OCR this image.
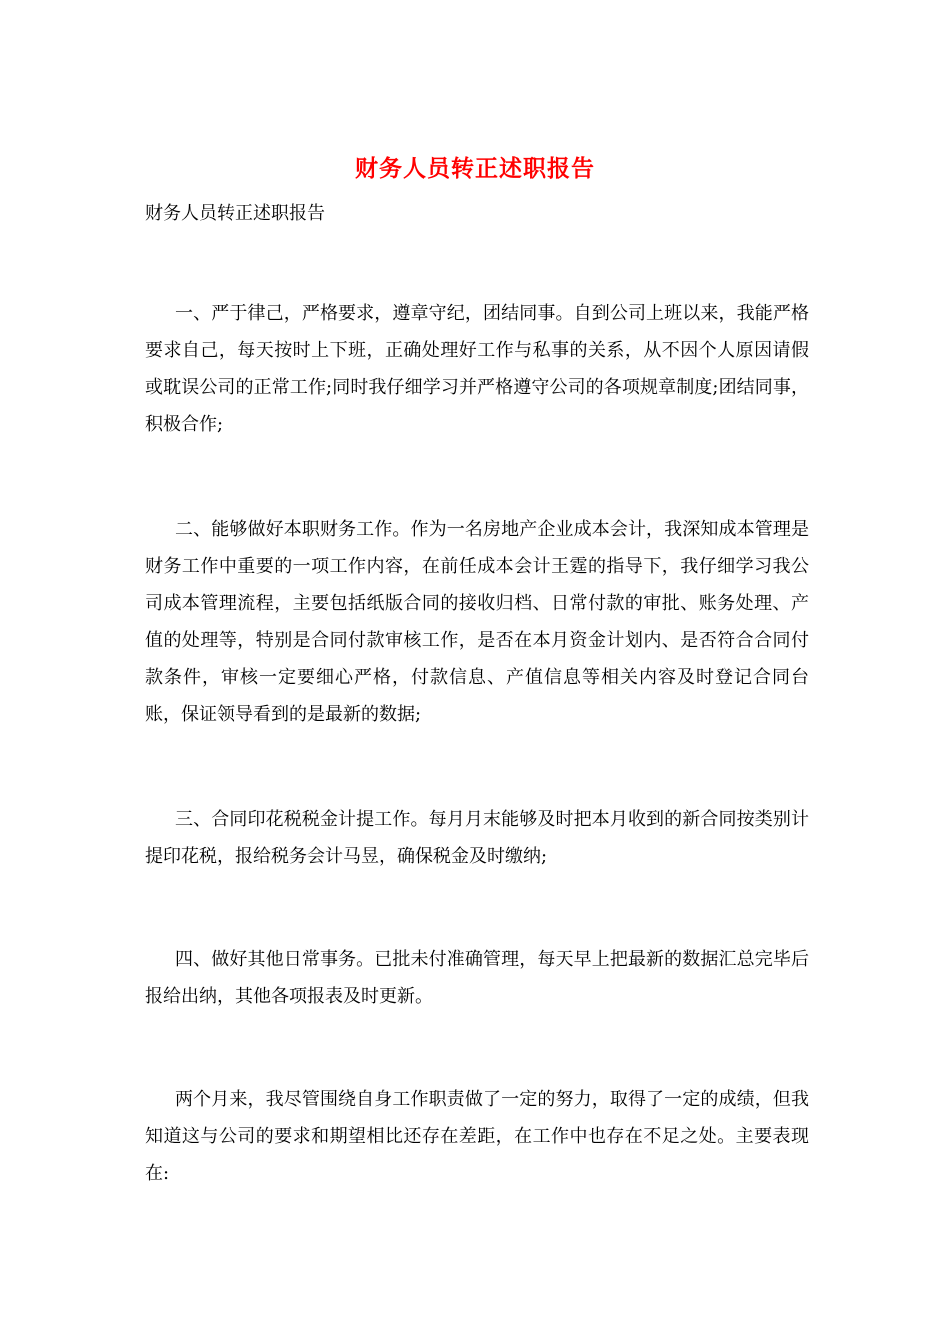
财务人员转正述职报告
财务人员转正述职报告
一、严于律己，严格要求，遵章守纪，团结同事。自到公司上班以来，我能严格要求自己，每天按时上下班，正确处理好工作与私事的关系，从不因个人原因请假或耽误公司的正常工作;同时我仔细学习并严格遵守公司的各项规章制度;团结同事，积极合作;
二、能够做好本职财务工作。作为一名房地产企业成本会计，我深知成本管理是财务工作中重要的一项工作内容，在前任成本会计王霆的指导下，我仔细学习我公司成本管理流程，主要包括纸版合同的接收归档、日常付款的审批、账务处理、产值的处理等，特别是合同付款审核工作，是否在本月资金计划内、是否符合合同付款条件，审核一定要细心严格，付款信息、产值信息等相关内容及时登记合同台账，保证领导看到的是最新的数据;
三、合同印花税税金计提工作。每月月末能够及时把本月收到的新合同按类别计提印花税，报给税务会计马昱，确保税金及时缴纳;
四、做好其他日常事务。已批未付准确管理，每天早上把最新的数据汇总完毕后报给出纳，其他各项报表及时更新。
两个月来，我尽管围绕自身工作职责做了一定的努力，取得了一定的成绩，但我知道这与公司的要求和期望相比还存在差距，在工作中也存在不足之处。主要表现在:
